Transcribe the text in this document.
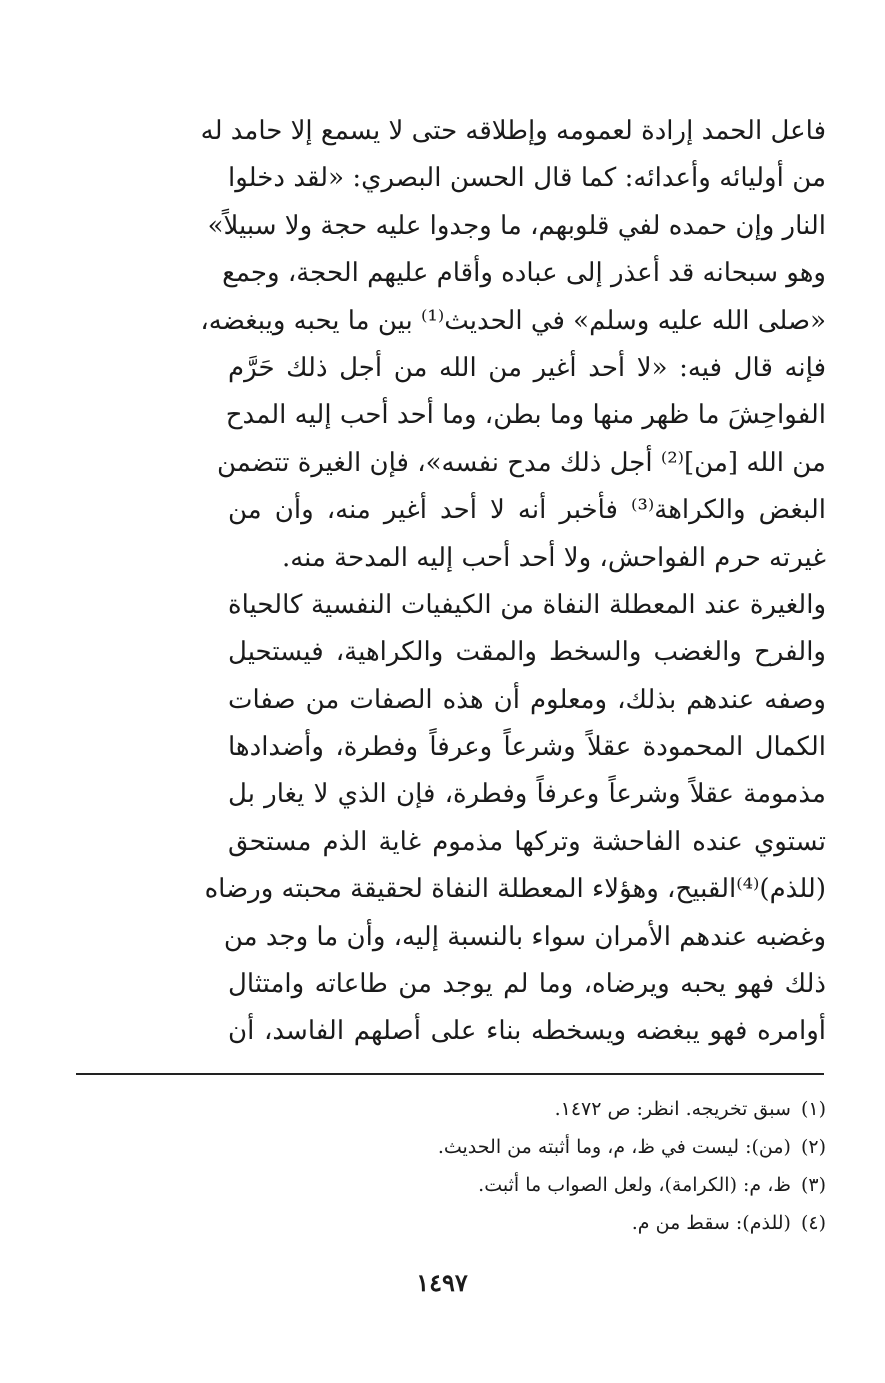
فاعل الحمد إرادة لعمومه وإطلاقه حتى لا يسمع إلا حامد له
من أوليائه وأعدائه: كما قال الحسن البصري: «لقد دخلوا
النار وإن حمده لفي قلوبهم، ما وجدوا عليه حجة ولا سبيلاً»
وهو سبحانه قد أعذر إلى عباده وأقام عليهم الحجة، وجمع
«صلى الله عليه وسلم» في الحديث⁽¹⁾ بين ما يحبه ويبغضه،
فإنه قال فيه: «لا أحد أغير من الله من أجل ذلك حَرَّم
الفواحِشَ ما ظهر منها وما بطن، وما أحد أحب إليه المدح
من الله [من]⁽²⁾ أجل ذلك مدح نفسه»، فإن الغيرة تتضمن
البغض والكراهة⁽³⁾ فأخبر أنه لا أحد أغير منه، وأن من
غيرته حرم الفواحش، ولا أحد أحب إليه المدحة منه.
والغيرة عند المعطلة النفاة من الكيفيات النفسية كالحياة
والفرح والغضب والسخط والمقت والكراهية، فيستحيل
وصفه عندهم بذلك، ومعلوم أن هذه الصفات من صفات
الكمال المحمودة عقلاً وشرعاً وعرفاً وفطرة، وأضدادها
مذمومة عقلاً وشرعاً وعرفاً وفطرة، فإن الذي لا يغار بل
تستوي عنده الفاحشة وتركها مذموم غاية الذم مستحق
(للذم)⁽⁴⁾القبيح، وهؤلاء المعطلة النفاة لحقيقة محبته ورضاه
وغضبه عندهم الأمران سواء بالنسبة إليه، وأن ما وجد من
ذلك فهو يحبه ويرضاه، وما لم يوجد من طاعاته وامتثال
أوامره فهو يبغضه ويسخطه بناء على أصلهم الفاسد، أن
(١)سبق تخريجه. انظر: ص ١٤٧٢.
(٢)(من): ليست في ظ، م، وما أثبته من الحديث.
(٣)ظ، م: (الكرامة)، ولعل الصواب ما أثبت.
(٤)(للذم): سقط من م.
١٤٩٧
